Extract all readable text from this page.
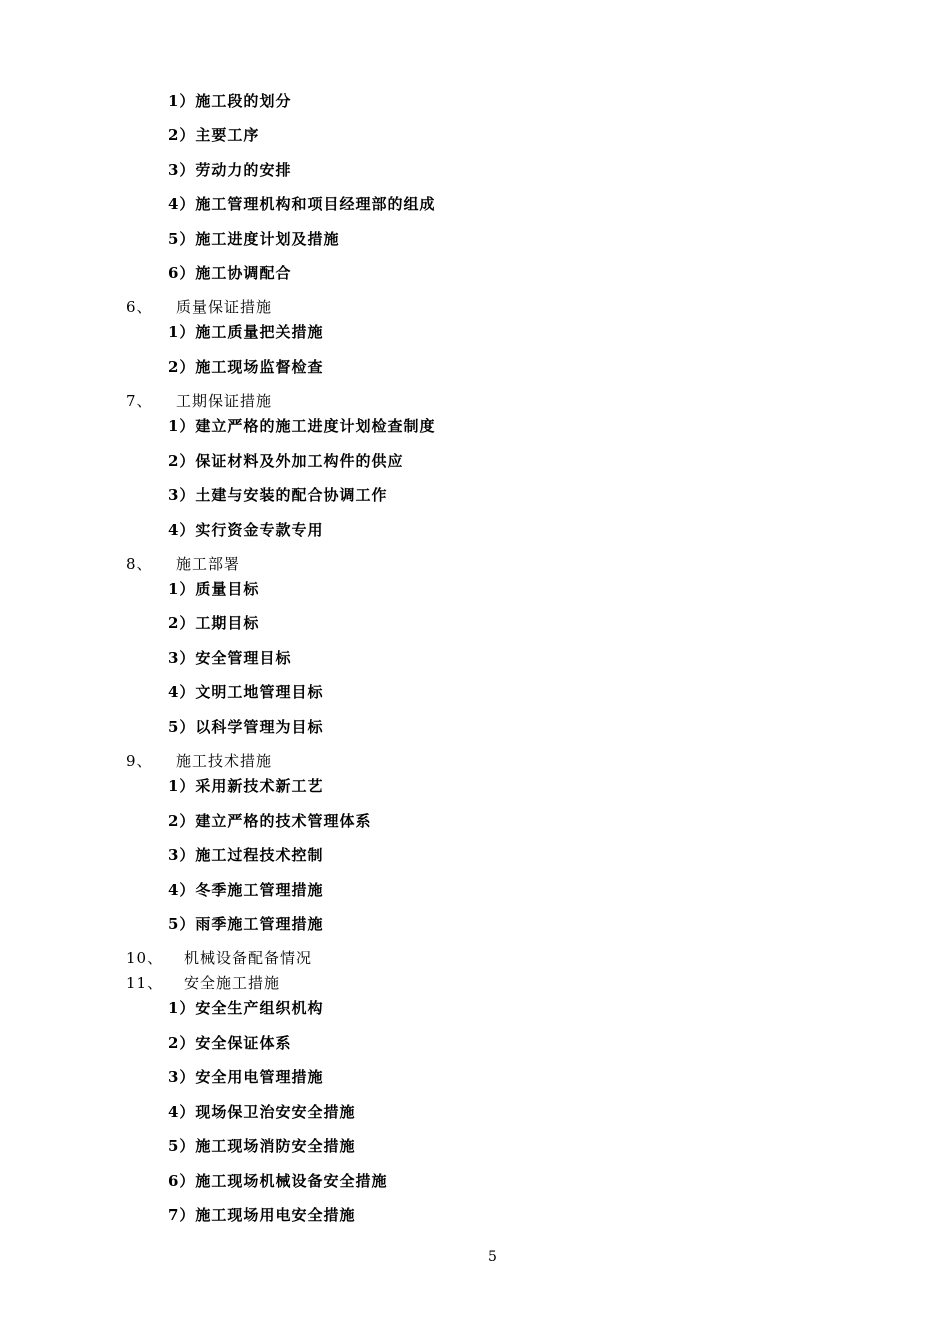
1）施工段的划分
2）主要工序
3）劳动力的安排
4）施工管理机构和项目经理部的组成
5）施工进度计划及措施
6）施工协调配合
6、 质量保证措施
1）施工质量把关措施
2）施工现场监督检查
7、 工期保证措施
1）建立严格的施工进度计划检查制度
2）保证材料及外加工构件的供应
3）土建与安装的配合协调工作
4）实行资金专款专用
8、 施工部署
1）质量目标
2）工期目标
3）安全管理目标
4）文明工地管理目标
5）以科学管理为目标
9、 施工技术措施
1）采用新技术新工艺
2）建立严格的技术管理体系
3）施工过程技术控制
4）冬季施工管理措施
5）雨季施工管理措施
10、 机械设备配备情况
11、 安全施工措施
1）安全生产组织机构
2）安全保证体系
3）安全用电管理措施
4）现场保卫治安安全措施
5）施工现场消防安全措施
6）施工现场机械设备安全措施
7）施工现场用电安全措施
5
